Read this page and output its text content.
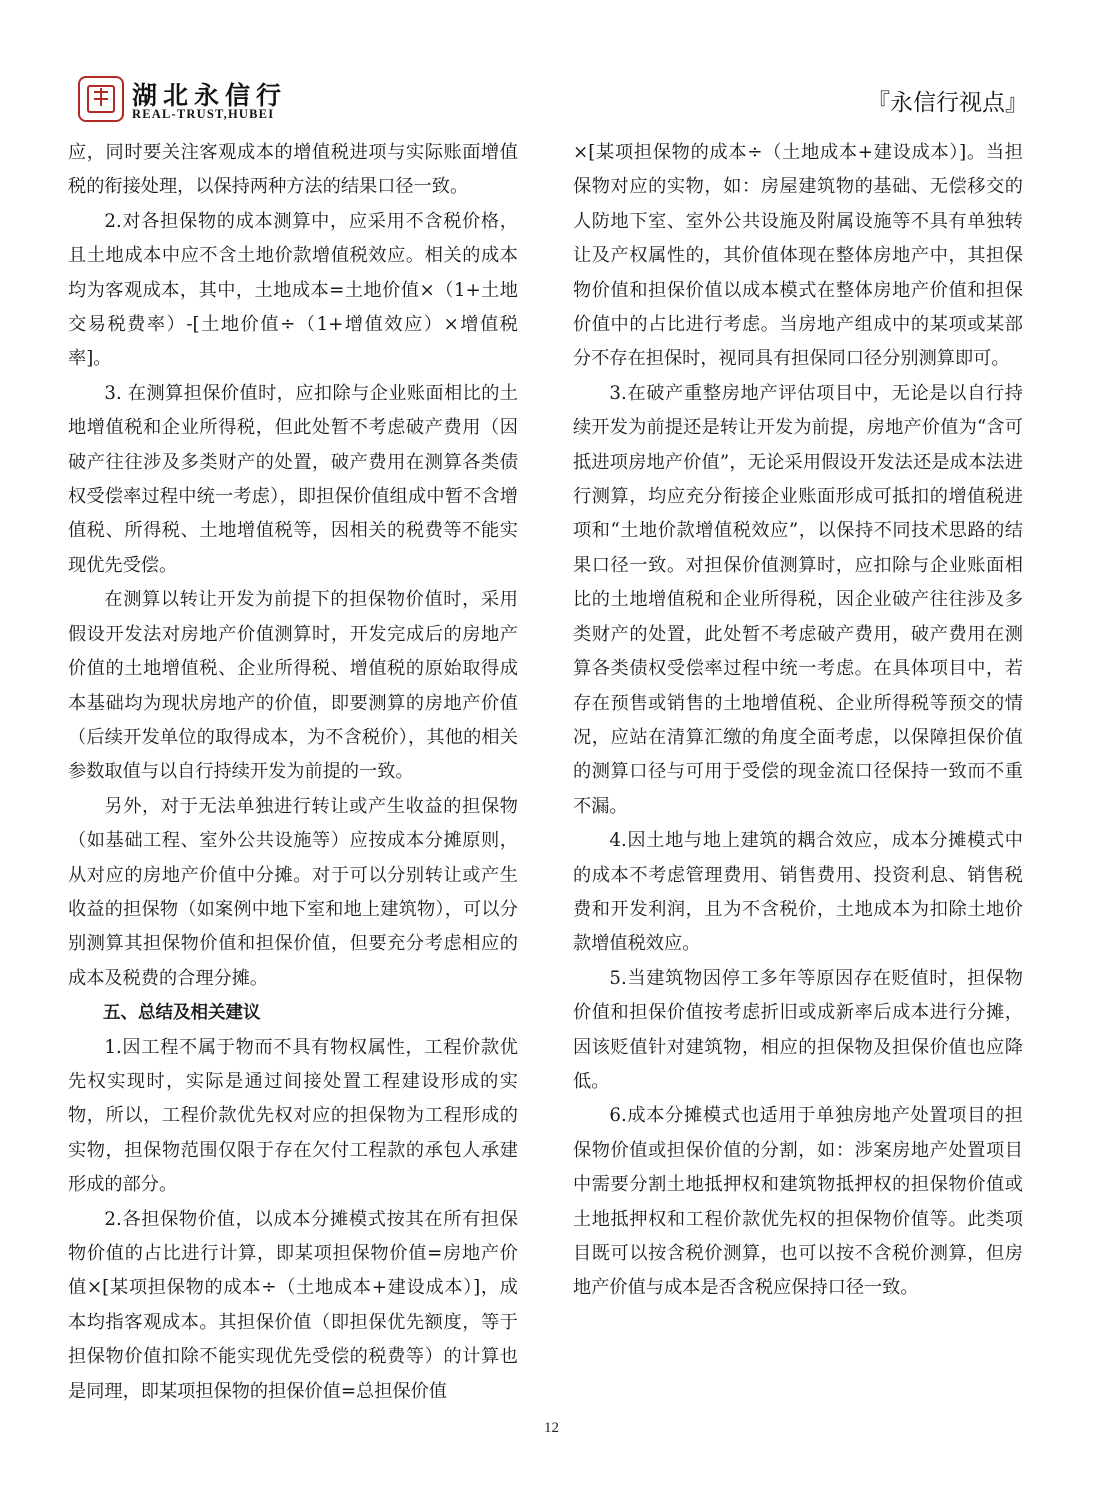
湖北永信行
REAL-TRUST,HUBEI	『永信行视点』

应，同时要关注客观成本的增值税进项与实际账面增值税的衔接处理，以保持两种方法的结果口径一致。

2.对各担保物的成本测算中，应采用不含税价格，且土地成本中应不含土地价款增值税效应。相关的成本均为客观成本，其中，土地成本=土地价值×（1+土地交易税费率）-[土地价值÷（1+增值效应）×增值税率]。

3. 在测算担保价值时，应扣除与企业账面相比的土地增值税和企业所得税，但此处暂不考虑破产费用（因破产往往涉及多类财产的处置，破产费用在测算各类债权受偿率过程中统一考虑），即担保价值组成中暂不含增值税、所得税、土地增值税等，因相关的税费等不能实现优先受偿。

在测算以转让开发为前提下的担保物价值时，采用假设开发法对房地产价值测算时，开发完成后的房地产价值的土地增值税、企业所得税、增值税的原始取得成本基础均为现状房地产的价值，即要测算的房地产价值（后续开发单位的取得成本，为不含税价），其他的相关参数取值与以自行持续开发为前提的一致。

另外，对于无法单独进行转让或产生收益的担保物（如基础工程、室外公共设施等）应按成本分摊原则，从对应的房地产价值中分摊。对于可以分别转让或产生收益的担保物（如案例中地下室和地上建筑物），可以分别测算其担保物价值和担保价值，但要充分考虑相应的成本及税费的合理分摊。

五、总结及相关建议

1.因工程不属于物而不具有物权属性，工程价款优先权实现时，实际是通过间接处置工程建设形成的实物，所以，工程价款优先权对应的担保物为工程形成的实物，担保物范围仅限于存在欠付工程款的承包人承建形成的部分。

2.各担保物价值，以成本分摊模式按其在所有担保物价值的占比进行计算，即某项担保物价值=房地产价值×[某项担保物的成本÷（土地成本+建设成本）]，成本均指客观成本。其担保价值（即担保优先额度，等于担保物价值扣除不能实现优先受偿的税费等）的计算也是同理，即某项担保物的担保价值=总担保价值

×[某项担保物的成本÷（土地成本+建设成本）]。当担保物对应的实物，如：房屋建筑物的基础、无偿移交的人防地下室、室外公共设施及附属设施等不具有单独转让及产权属性的，其价值体现在整体房地产中，其担保物价值和担保价值以成本模式在整体房地产价值和担保价值中的占比进行考虑。当房地产组成中的某项或某部分不存在担保时，视同具有担保同口径分别测算即可。

3.在破产重整房地产评估项目中，无论是以自行持续开发为前提还是转让开发为前提，房地产价值为“含可抵进项房地产价值”，无论采用假设开发法还是成本法进行测算，均应充分衔接企业账面形成可抵扣的增值税进项和“土地价款增值税效应”，以保持不同技术思路的结果口径一致。对担保价值测算时，应扣除与企业账面相比的土地增值税和企业所得税，因企业破产往往涉及多类财产的处置，此处暂不考虑破产费用，破产费用在测算各类债权受偿率过程中统一考虑。在具体项目中，若存在预售或销售的土地增值税、企业所得税等预交的情况，应站在清算汇缴的角度全面考虑，以保障担保价值的测算口径与可用于受偿的现金流口径保持一致而不重不漏。

4.因土地与地上建筑的耦合效应，成本分摊模式中的成本不考虑管理费用、销售费用、投资利息、销售税费和开发利润，且为不含税价，土地成本为扣除土地价款增值税效应。

5.当建筑物因停工多年等原因存在贬值时，担保物价值和担保价值按考虑折旧或成新率后成本进行分摊，因该贬值针对建筑物，相应的担保物及担保价值也应降低。

6.成本分摊模式也适用于单独房地产处置项目的担保物价值或担保价值的分割，如：涉案房地产处置项目中需要分割土地抵押权和建筑物抵押权的担保物价值或土地抵押权和工程价款优先权的担保物价值等。此类项目既可以按含税价测算，也可以按不含税价测算，但房地产价值与成本是否含税应保持口径一致。

12
